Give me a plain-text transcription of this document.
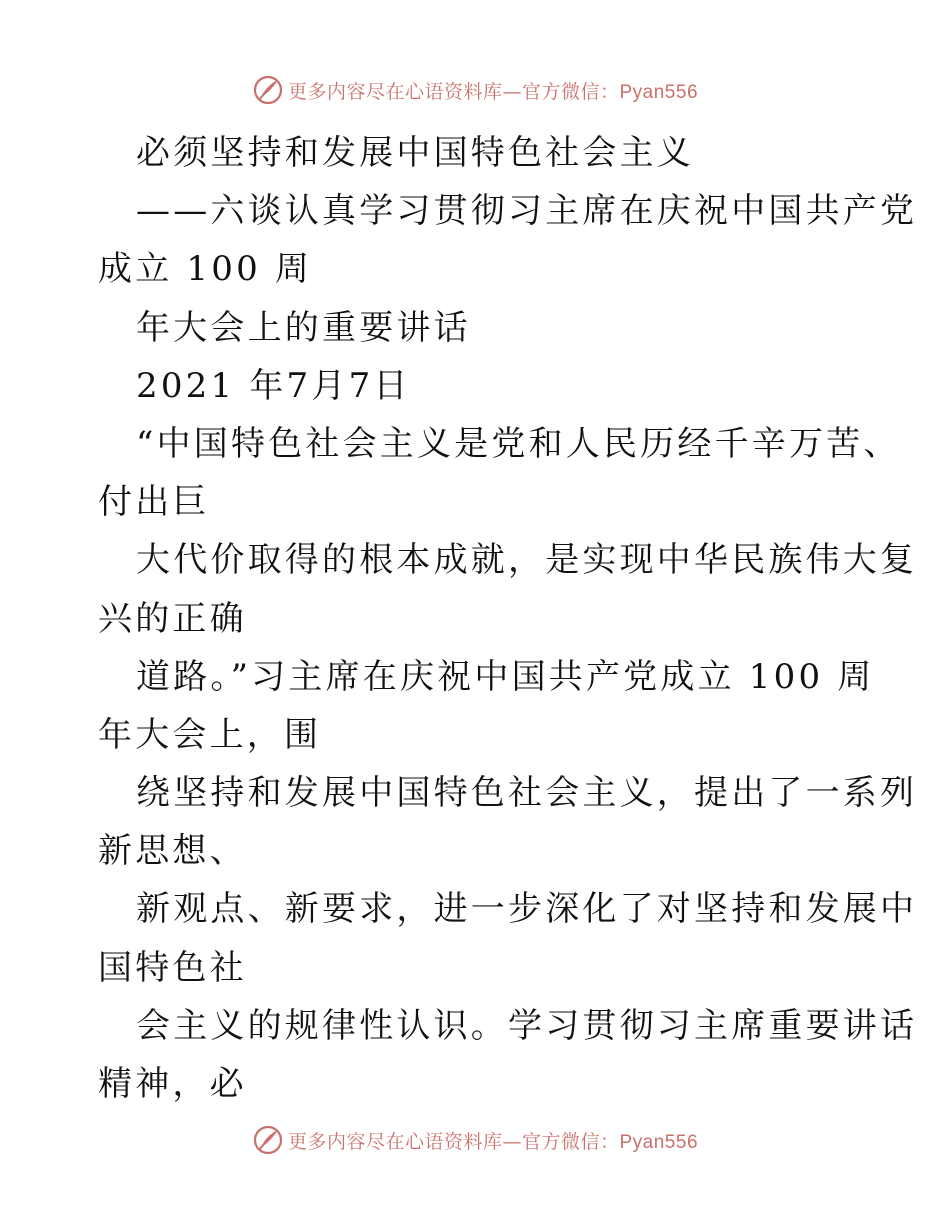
更多内容尽在心语资料库—官方微信：Pyan556
必须坚持和发展中国特色社会主义
——六谈认真学习贯彻习主席在庆祝中国共产党
成立 100 周
年大会上的重要讲话
2021 年7月7日
“中国特色社会主义是党和人民历经千辛万苦、
付出巨
大代价取得的根本成就，是实现中华民族伟大复
兴的正确
道路。”习主席在庆祝中国共产党成立 100 周
年大会上，围
绕坚持和发展中国特色社会主义，提出了一系列
新思想、
新观点、新要求，进一步深化了对坚持和发展中
国特色社
会主义的规律性认识。学习贯彻习主席重要讲话
精神，必
更多内容尽在心语资料库—官方微信：Pyan556
